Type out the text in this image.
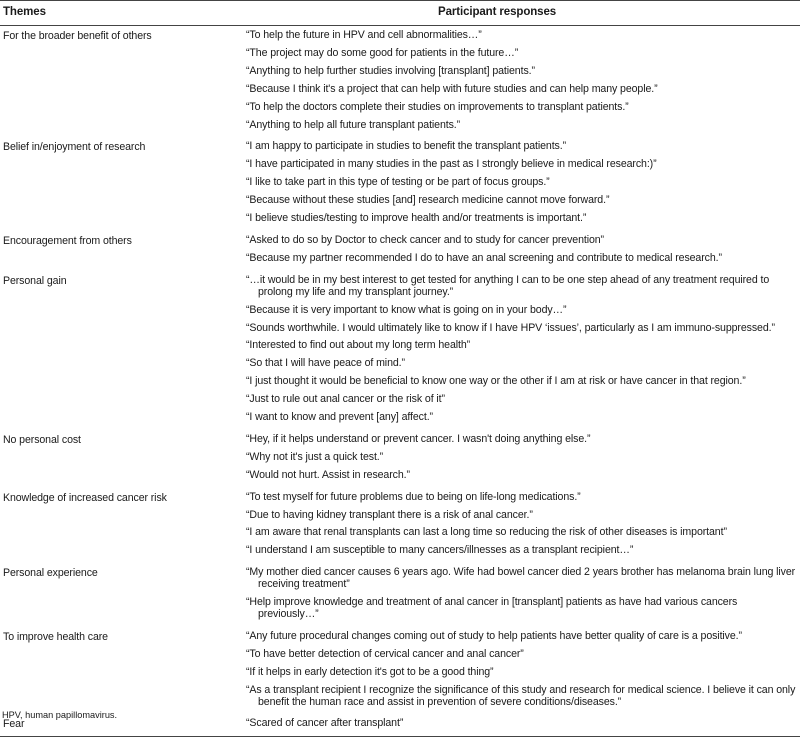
Themes	Participant responses
For the broader benefit of others	“To help the future in HPV and cell abnormalities…”
“The project may do some good for patients in the future…”
“Anything to help further studies involving [transplant] patients.”
“Because I think it's a project that can help with future studies and can help many people.”
“To help the doctors complete their studies on improvements to transplant patients.”
“Anything to help all future transplant patients.”
Belief in/enjoyment of research	“I am happy to participate in studies to benefit the transplant patients.”
“I have participated in many studies in the past as I strongly believe in medical research:)”
“I like to take part in this type of testing or be part of focus groups.”
“Because without these studies [and] research medicine cannot move forward.”
“I believe studies/testing to improve health and/or treatments is important.”
Encouragement from others	“Asked to do so by Doctor to check cancer and to study for cancer prevention”
“Because my partner recommended I do to have an anal screening and contribute to medical research.”
Personal gain	“…it would be in my best interest to get tested for anything I can to be one step ahead of any treatment required to prolong my life and my transplant journey.”
“Because it is very important to know what is going on in your body…”
“Sounds worthwhile. I would ultimately like to know if I have HPV ‘issues’, particularly as I am immuno-suppressed.”
“Interested to find out about my long term health”
“So that I will have peace of mind.”
“I just thought it would be beneficial to know one way or the other if I am at risk or have cancer in that region.”
“Just to rule out anal cancer or the risk of it”
“I want to know and prevent [any] affect.”
No personal cost	“Hey, if it helps understand or prevent cancer. I wasn't doing anything else.”
“Why not it's just a quick test.”
“Would not hurt. Assist in research.”
Knowledge of increased cancer risk	“To test myself for future problems due to being on life-long medications.”
“Due to having kidney transplant there is a risk of anal cancer.”
“I am aware that renal transplants can last a long time so reducing the risk of other diseases is important”
“I understand I am susceptible to many cancers/illnesses as a transplant recipient…”
Personal experience	“My mother died cancer causes 6 years ago. Wife had bowel cancer died 2 years brother has melanoma brain lung liver receiving treatment”
“Help improve knowledge and treatment of anal cancer in [transplant] patients as have had various cancers previously…”
To improve health care	“Any future procedural changes coming out of study to help patients have better quality of care is a positive.”
“To have better detection of cervical cancer and anal cancer”
“If it helps in early detection it's got to be a good thing”
“As a transplant recipient I recognize the significance of this study and research for medical science. I believe it can only benefit the human race and assist in prevention of severe conditions/diseases.”
Fear	“Scared of cancer after transplant”
HPV, human papillomavirus.
